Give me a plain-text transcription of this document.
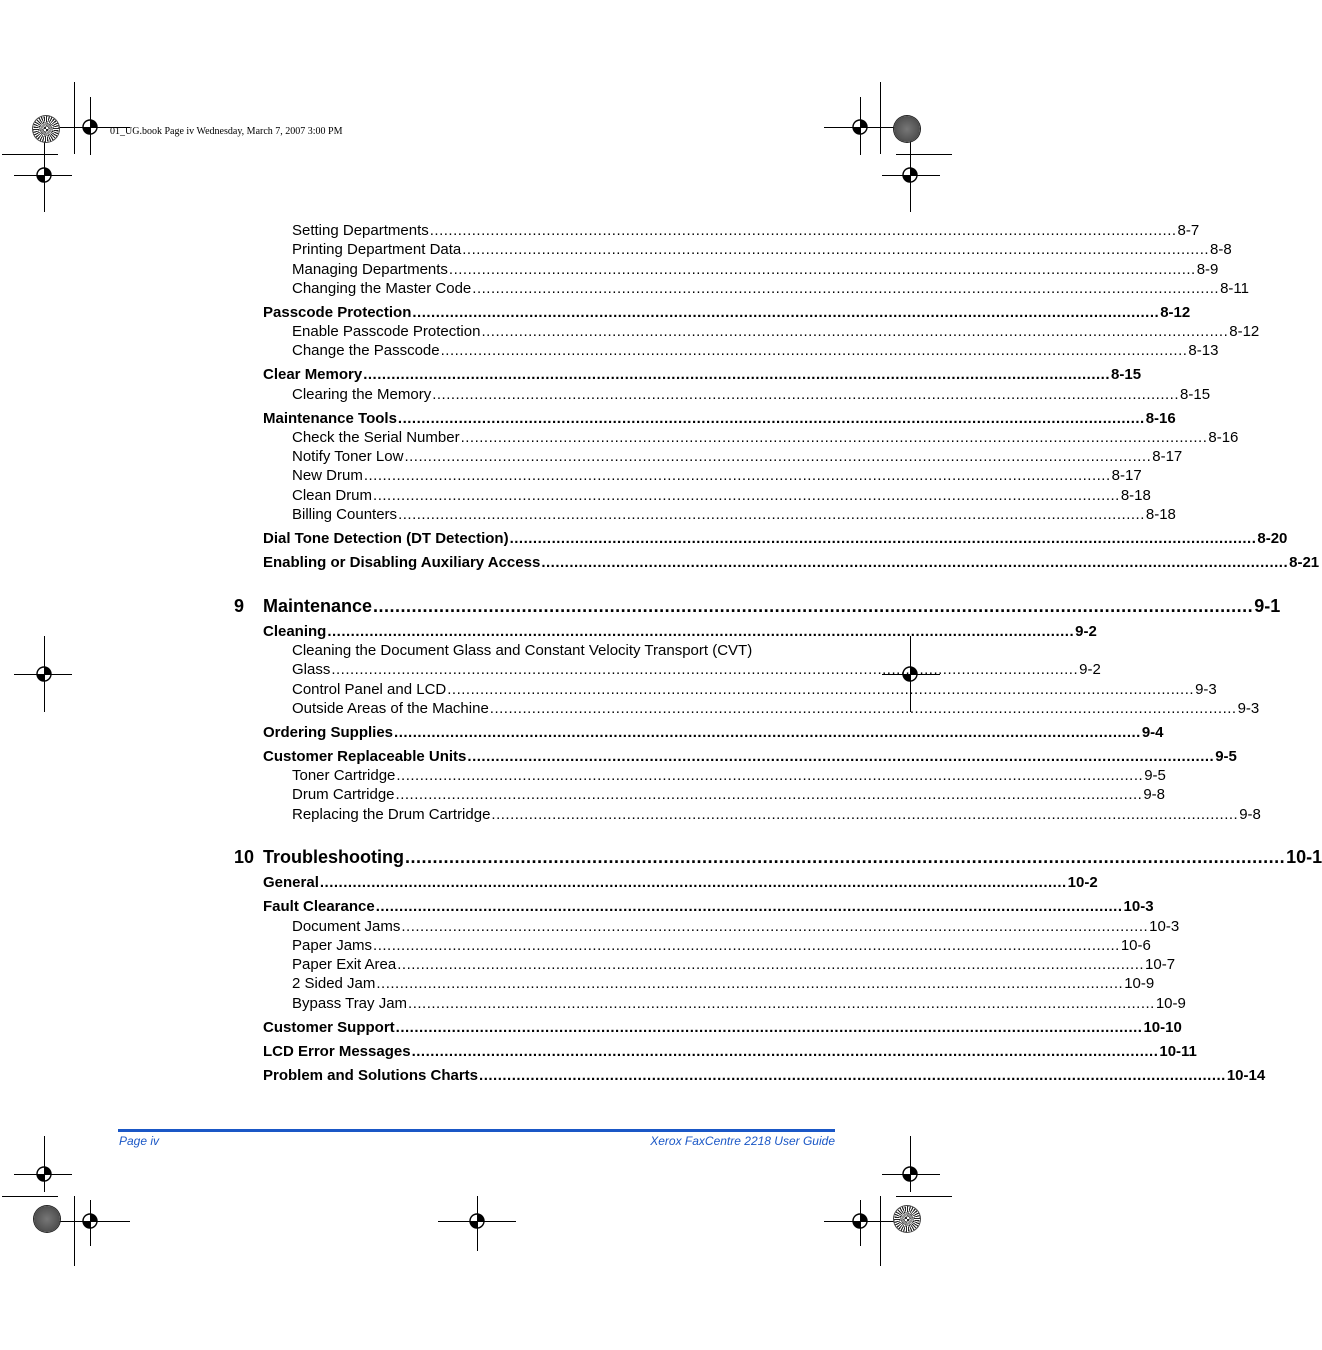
01_UG.book Page iv Wednesday, March 7, 2007 3:00 PM
Setting Departments ................................................................................................................................................................ 8-7
Printing Department Data ................................................................................................................................................................ 8-8
Managing Departments ................................................................................................................................................................ 8-9
Changing the Master Code ................................................................................................................................................................ 8-11
Passcode Protection ................................................................................................................................................................ 8-12
Enable Passcode Protection ................................................................................................................................................................ 8-12
Change the Passcode ................................................................................................................................................................ 8-13
Clear Memory ................................................................................................................................................................ 8-15
Clearing the Memory ................................................................................................................................................................ 8-15
Maintenance Tools ................................................................................................................................................................ 8-16
Check the Serial Number ................................................................................................................................................................ 8-16
Notify Toner Low ................................................................................................................................................................ 8-17
New Drum ................................................................................................................................................................ 8-17
Clean Drum ................................................................................................................................................................ 8-18
Billing Counters ................................................................................................................................................................ 8-18
Dial Tone Detection (DT Detection) ................................................................................................................................................................ 8-20
Enabling or Disabling Auxiliary Access ................................................................................................................................................................ 8-21
9 Maintenance ................................................................................................................................................................ 9-1
Cleaning ................................................................................................................................................................ 9-2
Cleaning the Document Glass and Constant Velocity Transport (CVT)
Glass ................................................................................................................................................................ 9-2
Control Panel and LCD ................................................................................................................................................................ 9-3
Outside Areas of the Machine ................................................................................................................................................................ 9-3
Ordering Supplies ................................................................................................................................................................ 9-4
Customer Replaceable Units ................................................................................................................................................................ 9-5
Toner Cartridge ................................................................................................................................................................ 9-5
Drum Cartridge ................................................................................................................................................................ 9-8
Replacing the Drum Cartridge ................................................................................................................................................................ 9-8
10 Troubleshooting ................................................................................................................................................................ 10-1
General ................................................................................................................................................................ 10-2
Fault Clearance ................................................................................................................................................................ 10-3
Document Jams ................................................................................................................................................................ 10-3
Paper Jams ................................................................................................................................................................ 10-6
Paper Exit Area ................................................................................................................................................................ 10-7
2 Sided Jam ................................................................................................................................................................ 10-9
Bypass Tray Jam ................................................................................................................................................................ 10-9
Customer Support ................................................................................................................................................................ 10-10
LCD Error Messages ................................................................................................................................................................ 10-11
Problem and Solutions Charts ................................................................................................................................................................ 10-14
Page iv	Xerox FaxCentre 2218 User Guide
